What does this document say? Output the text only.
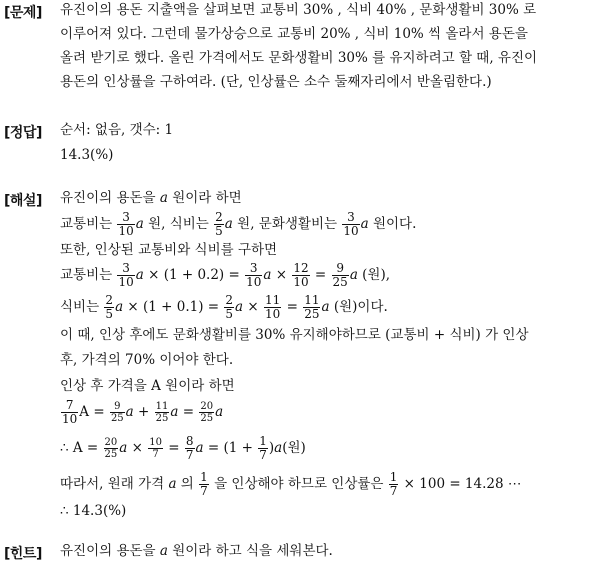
[문제] 유진이의 용돈 지출액을 살펴보면 교통비 30% , 식비 40% , 문화생활비 30% 로
이루어져 있다. 그런데 물가상승으로 교통비 20% , 식비 10% 씩 올라서 용돈을
올려 받기로 했다. 올린 가격에서도 문화생활비 30% 를 유지하려고 할 때, 유진이
용돈의 인상률을 구하여라. (단, 인상률은 소수 둘째자리에서 반올림한다.)
[정답] 순서: 없음, 갯수: 1
14.3(%)
[해설] 유진이의 용돈을 a 원이라 하면
교통비는 $\frac{3}{10}$ a 원, 식비는 $\frac{2}{5}$ a 원, 문화생활비는 $\frac{3}{10}$ a 원이다.
또한, 인상된 교통비와 식비를 구하면
교통비는 $\frac{3}{10}$ $a \times (1 + 0.2) = \frac{3}{10}$ $a \times \frac{12}{10} = \frac{9}{25}$ a (원),
식비는 $\frac{2}{5}$ $a \times (1 + 0.1) = \frac{2}{5}$ $a \times \frac{11}{10} = \frac{11}{25}$ a (원)이다.
이 때, 인상 후에도 문화생활비를 30% 유지해야하므로 (교통비 + 식비) 가 인상
후, 가격의 70% 이어야 한다.
인상 후 가격을 A 원이라 하면
$\frac{7}{10}$ $A = \frac{9}{25}$ $a + \frac{11}{25}$ $a = \frac{20}{25}$ a
∴ $A = \frac{20}{25}$ $a \times \frac{10}{7} = \frac{8}{7}$ $a = (1 + \frac{1}{7} )a$(원)
따라서, 원래 가격 a 의 $\frac{1}{7}$ 을 인상해야 하므로 인상률은 $\frac{1}{7} \times 100 = 14.28$ ⋯
∴ 14.3(%)
[힌트] 유진이의 용돈을 a 원이라 하고 식을 세워본다.
